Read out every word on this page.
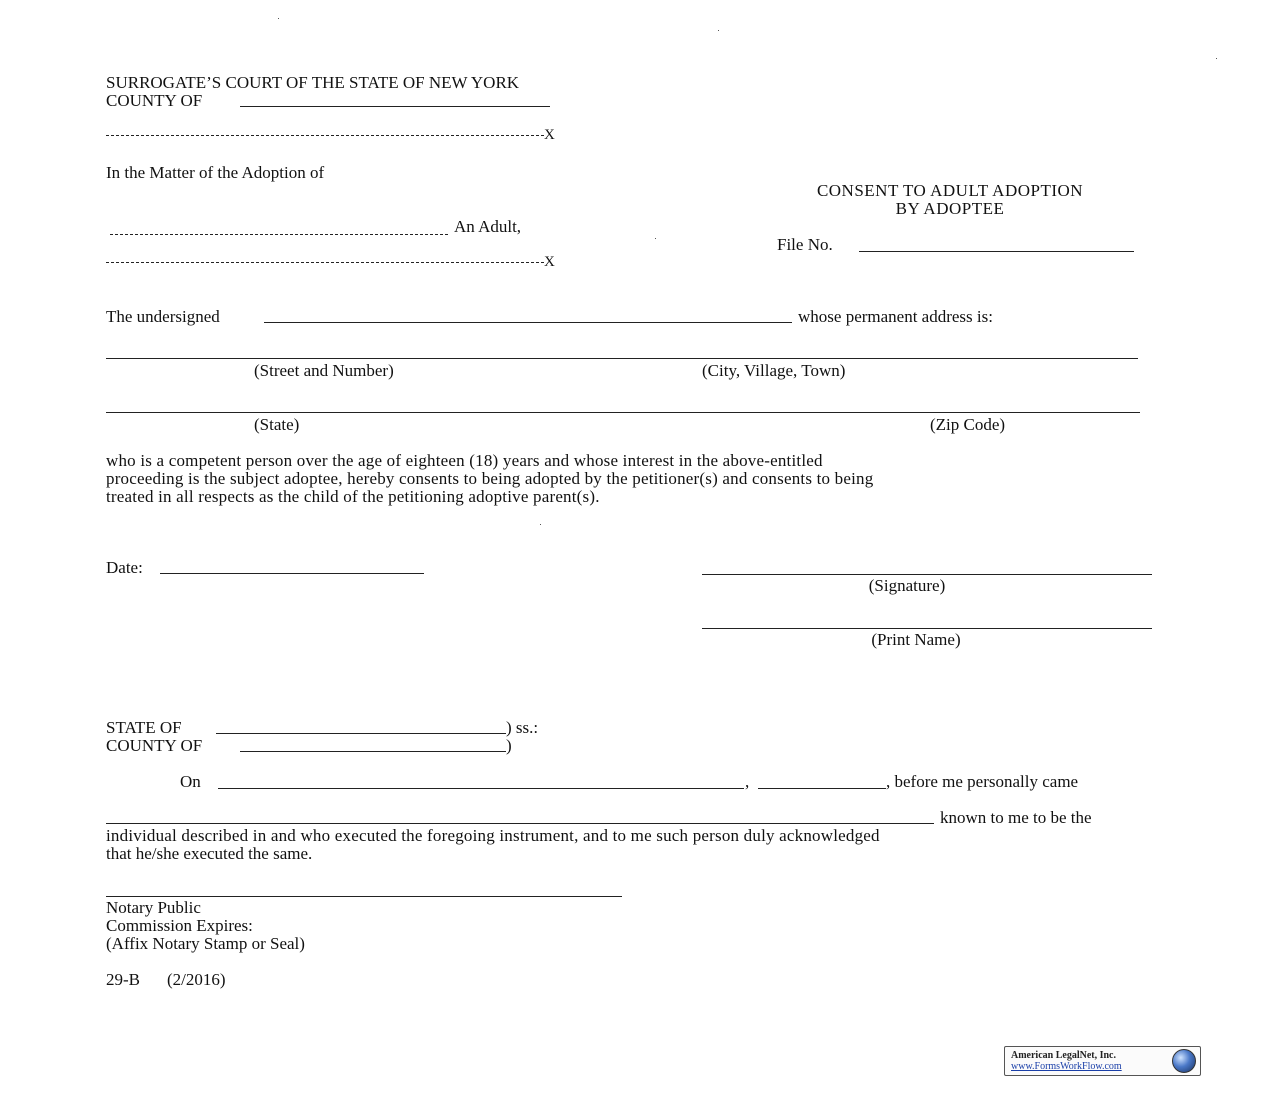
SURROGATE’S COURT OF THE STATE OF NEW YORK
COUNTY OF
X
In the Matter of the Adoption of
An Adult,
X
CONSENT TO ADULT ADOPTION
BY ADOPTEE
File No.
The undersigned	whose permanent address is:
(Street and Number)	(City, Village, Town)
(State)	(Zip Code)
who is a competent person over the age of eighteen (18) years and whose interest in the above-entitled
proceeding is the subject adoptee, hereby consents to being adopted by the petitioner(s) and consents to being
treated in all respects as the child of the petitioning adoptive parent(s).
Date:
(Signature)
(Print Name)
STATE OF	) ss.:
COUNTY OF	)
On	,	, before me personally came
known to me to be the
individual described in and who executed the foregoing instrument, and to me such person duly acknowledged
that he/she executed the same.
Notary Public
Commission Expires:
(Affix Notary Stamp or Seal)
29-B (2/2016)
American LegalNet, Inc.
www.FormsWorkFlow.com
